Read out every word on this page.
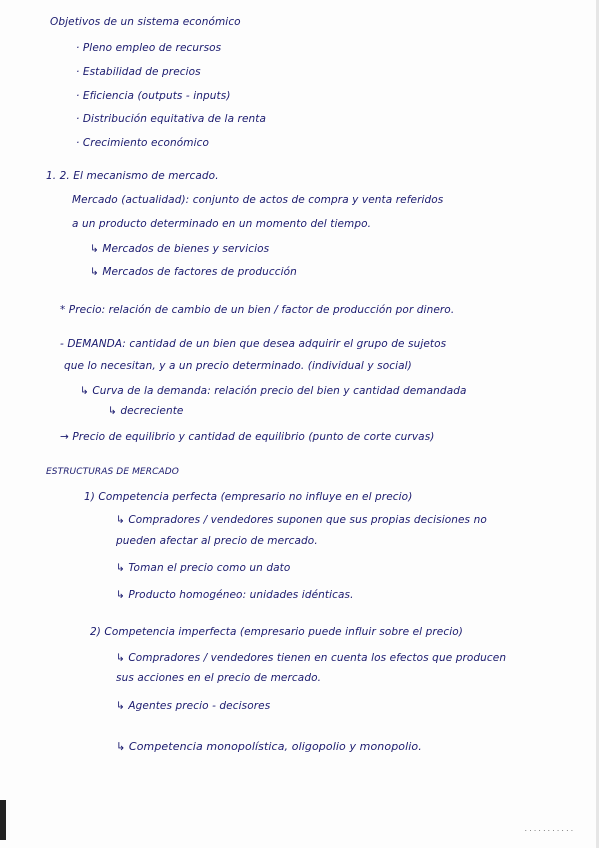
Objetivos de un sistema económico
· Pleno empleo de recursos
· Estabilidad de precios
· Eficiencia (outputs - inputs)
· Distribución equitativa de la renta
· Crecimiento económico
1. 2. El mecanismo de mercado.
Mercado (actualidad): conjunto de actos de compra y venta referidos
a un producto determinado en un momento del tiempo.
↳ Mercados de bienes y servicios
↳ Mercados de factores de producción
* Precio: relación de cambio de un bien / factor de producción por dinero.
- DEMANDA: cantidad de un bien que desea adquirir el grupo de sujetos
que lo necesitan, y a un precio determinado. (individual y social)
↳ Curva de la demanda: relación precio del bien y cantidad demandada
↳ decreciente
→ Precio de equilibrio y cantidad de equilibrio (punto de corte curvas)
ESTRUCTURAS DE MERCADO
1) Competencia perfecta (empresario no influye en el precio)
↳ Compradores / vendedores suponen que sus propias decisiones no
pueden afectar al precio de mercado.
↳ Toman el precio como un dato
↳ Producto homogéneo: unidades idénticas.
2) Competencia imperfecta (empresario puede influir sobre el precio)
↳ Compradores / vendedores tienen en cuenta los efectos que producen
sus acciones en el precio de mercado.
↳ Agentes precio - decisores
↳ Competencia monopolística, oligopolio y monopolio.
...........
